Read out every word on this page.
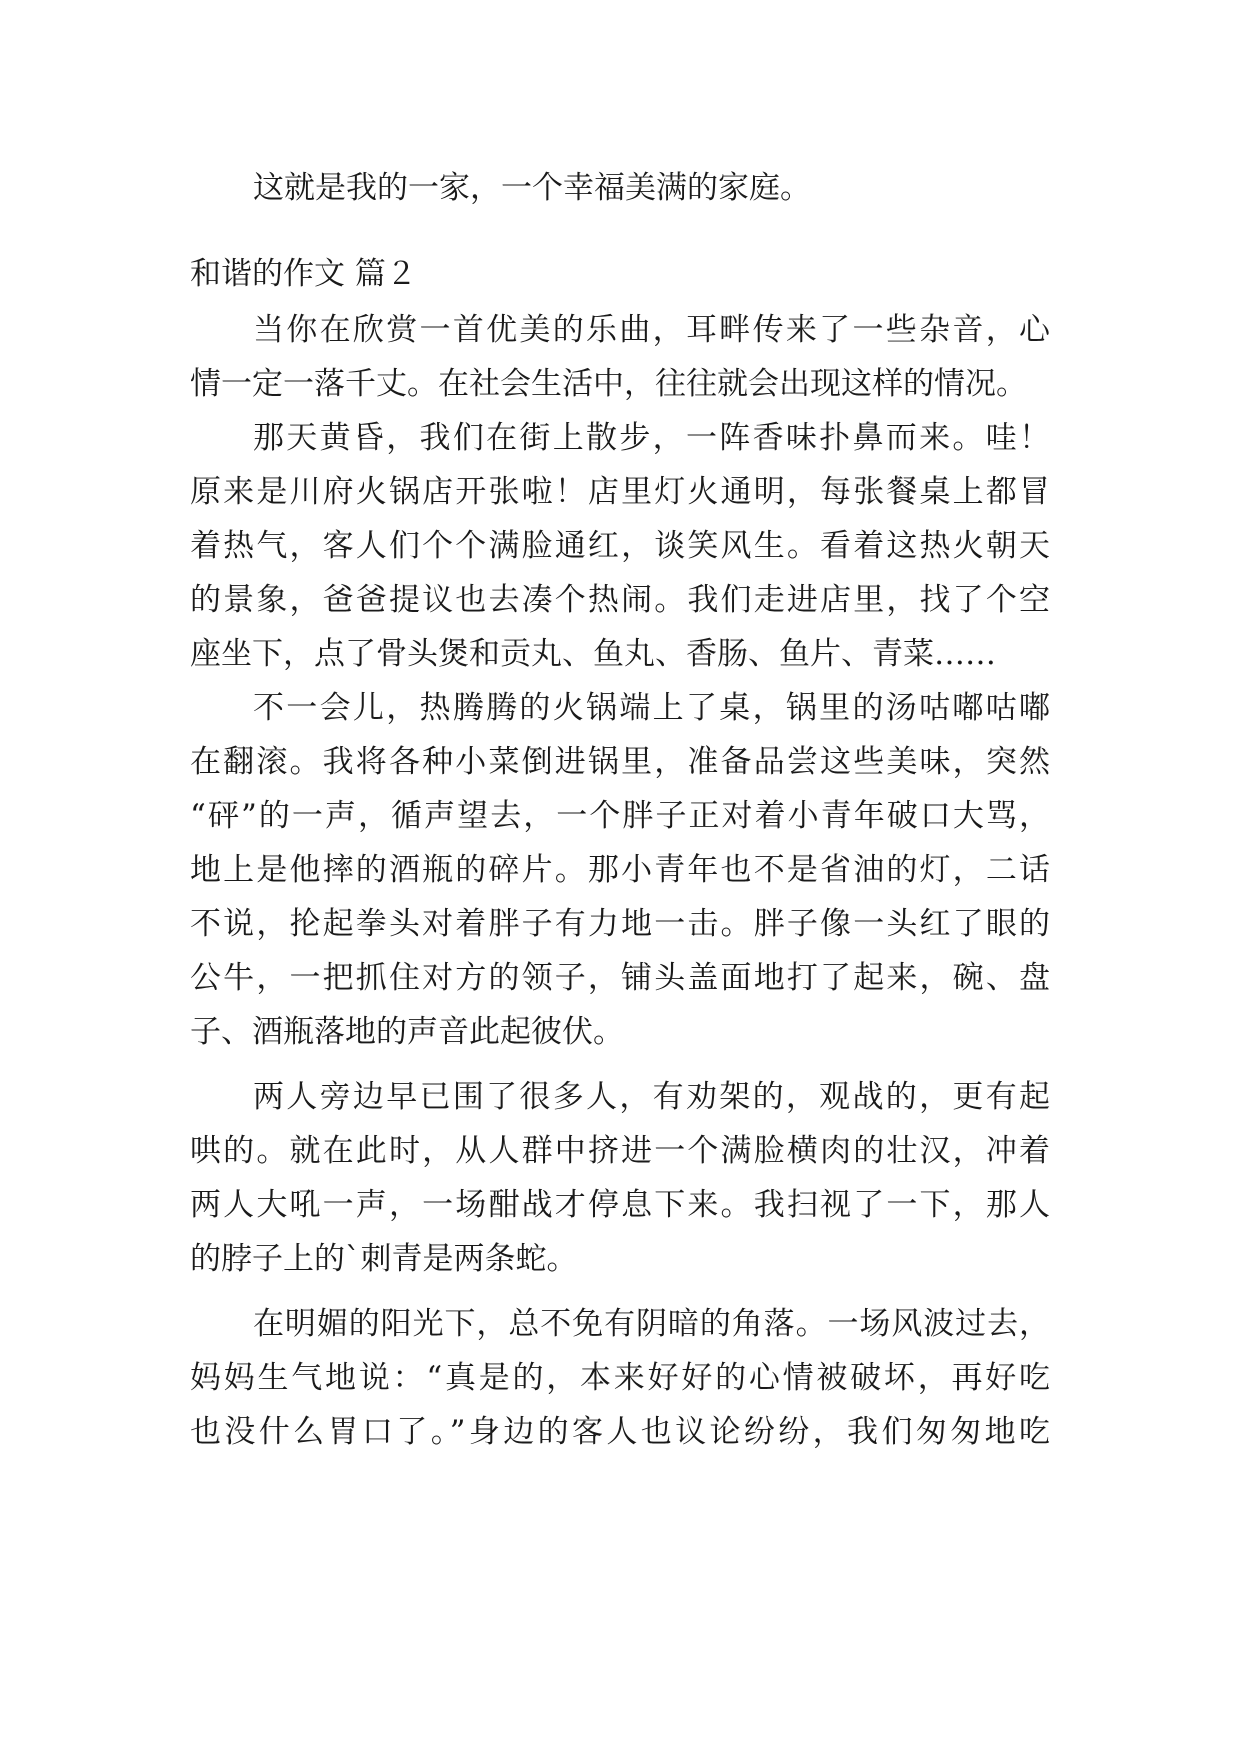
这就是我的一家，一个幸福美满的家庭。
和谐的作文 篇２
当你在欣赏一首优美的乐曲，耳畔传来了一些杂音，心
情一定一落千丈。在社会生活中，往往就会出现这样的情况。
那天黄昏，我们在街上散步，一阵香味扑鼻而来。哇！
原来是川府火锅店开张啦！店里灯火通明，每张餐桌上都冒
着热气，客人们个个满脸通红，谈笑风生。看着这热火朝天
的景象，爸爸提议也去凑个热闹。我们走进店里，找了个空
座坐下，点了骨头煲和贡丸、鱼丸、香肠、鱼片、青菜……
不一会儿，热腾腾的火锅端上了桌，锅里的汤咕嘟咕嘟
在翻滚。我将各种小菜倒进锅里，准备品尝这些美味，突然
“砰”的一声，循声望去，一个胖子正对着小青年破口大骂，
地上是他摔的酒瓶的碎片。那小青年也不是省油的灯，二话
不说，抡起拳头对着胖子有力地一击。胖子像一头红了眼的
公牛，一把抓住对方的领子，铺头盖面地打了起来，碗、盘
子、酒瓶落地的声音此起彼伏。
两人旁边早已围了很多人，有劝架的，观战的，更有起
哄的。就在此时，从人群中挤进一个满脸横肉的壮汉，冲着
两人大吼一声，一场酣战才停息下来。我扫视了一下，那人
的脖子上的`刺青是两条蛇。
在明媚的阳光下，总不免有阴暗的角落。一场风波过去，
妈妈生气地说：“真是的，本来好好的心情被破坏，再好吃
也没什么胃口了。”身边的客人也议论纷纷，我们匆匆地吃
